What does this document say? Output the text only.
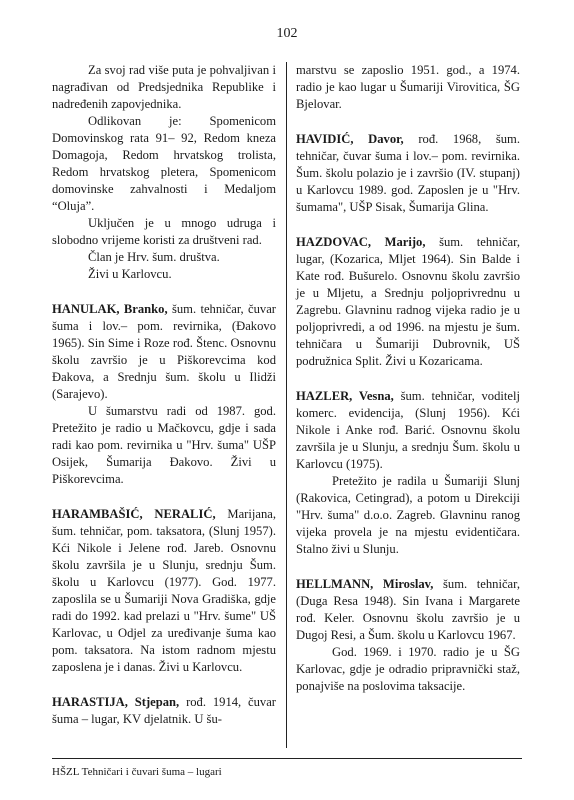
102

Za svoj rad više puta je pohvaljivan i nagrađivan od Predsjednika Republike i nadređenih zapovjednika.

Odlikovan je: Spomenicom Domovinskog rata 91– 92, Redom kneza Domagoja, Redom hrvatskog trolista, Redom hrvatskog pleterа, Spomenicom domovinske zahvalnosti i Medaljom “Oluja”.

Uključen je u mnogo udruga i slobodno vrijeme koristi za društveni rad.

Član je Hrv. šum. društva.

Živi u Karlovcu.

HANULAK, Branko, šum. tehničar, čuvar šuma i lov.– pom. revirnika, (Đakovo 1965). Sin Sime i Roze rođ. Štenc. Osnovnu školu završio je u Piškorevcima kod Đakova, a Srednju šum. školu u Ilidži (Sarajevo).

U šumarstvu radi od 1987. god. Pretežito je radio u Mačkovcu, gdje i sada radi kao pom. revirnika u "Hrv. šuma" UŠP Osijek, Šumarija Đakovo. Živi u Piškorevcima.

HARAMBAŠIĆ, NERALIĆ, Marijana, šum. tehničar, pom. taksatora, (Slunj 1957). Kći Nikole i Jelene rođ. Jareb. Osnovnu školu završila je u Slunju, srednju Šum. školu u Karlovcu (1977). God. 1977. zaposlila se u Šumariji Nova Gradiška, gdje radi do 1992. kad prelazi u "Hrv. šume" UŠ Karlovac, u Odjel za uređivanje šuma kao pom. taksatora. Na istom radnom mjestu zaposlena je i danas. Živi u Karlovcu.

HARASTIJA, Stjepan, rođ. 1914, čuvar šuma – lugar, KV djelatnik. U šu-

marstvu se zaposlio 1951. god., a 1974. radio je kao lugar u Šumariji Virovitica, ŠG Bjelovar.

HAVIDIĆ, Davor, rođ. 1968, šum. tehničar, čuvar šuma i lov.– pom. revirnika. Šum. školu polazio je i završio (IV. stupanj) u Karlovcu 1989. god. Zaposlen je u "Hrv. šumama", UŠP Sisak, Šumarija Glina.

HAZDOVAC, Marijo, šum. tehničar, lugar, (Kozarica, Mljet 1964). Sin Balde i Kate rođ. Bušurelo. Osnovnu školu završio je u Mljetu, a Srednju poljoprivrednu u Zagrebu. Glavninu radnog vijeka radio je u poljoprivredi, a od 1996. na mjestu je šum. tehničara u Šumariji Dubrovnik, UŠ podružnica Split. Živi u Kozaricama.

HAZLER, Vesna, šum. tehničar, voditelj komerc. evidencija, (Slunj 1956). Kći Nikole i Anke rođ. Barić. Osnovnu školu završila je u Slunju, a srednju Šum. školu u Karlovcu (1975).

Pretežito je radila u Šumariji Slunj (Rakovica, Cetingrad), a potom u Direkciji "Hrv. šuma" d.o.o. Zagreb. Glavninu ranog vijeka provela je na mjestu evidentičara. Stalno živi u Slunju.

HELLMANN, Miroslav, šum. tehničar, (Duga Resa 1948). Sin Ivana i Margarete rođ. Keler. Osnovnu školu završio je u Dugoj Resi, a Šum. školu u Karlovcu 1967.

God. 1969. i 1970. radio je u ŠG Karlovac, gdje je odradio pripravnički staž, ponajviše na poslovima taksacije.

HŠZL Tehničari i čuvari šuma – lugari
